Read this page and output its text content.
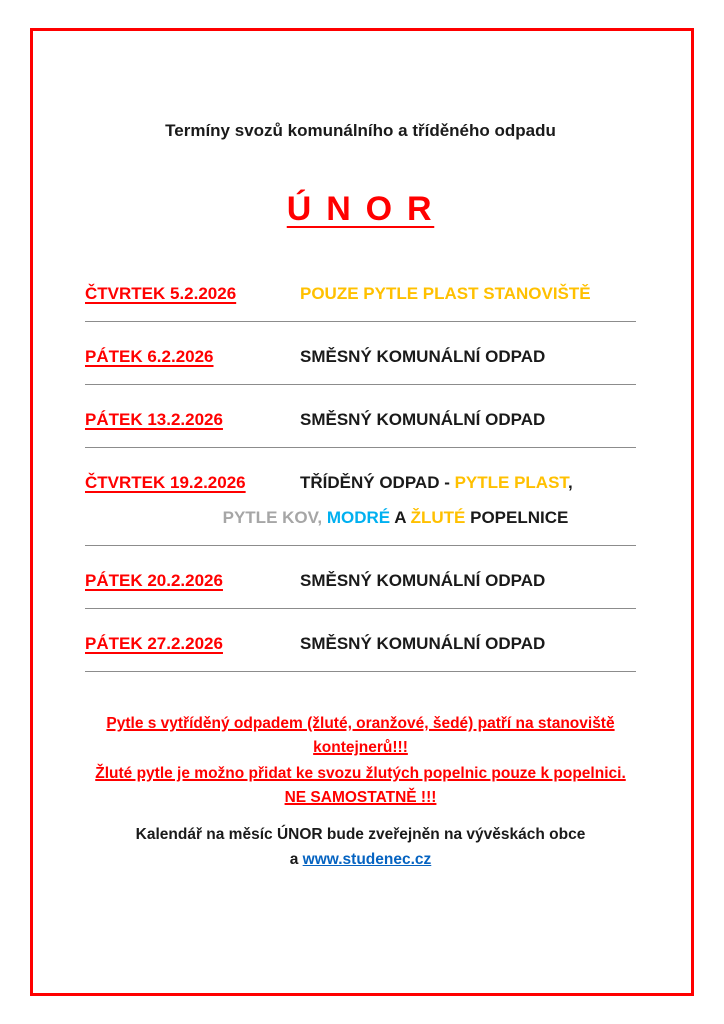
Termíny svozů komunálního a tříděného odpadu
Ú N O R
ČTVRTEK 5.2.2026	POUZE PYTLE PLAST STANOVIŠTĚ
PÁTEK 6.2.2026	SMĚSNÝ KOMUNÁLNÍ ODPAD
PÁTEK 13.2.2026	SMĚSNÝ KOMUNÁLNÍ ODPAD
ČTVRTEK 19.2.2026	TŘÍDĚNÝ ODPAD - PYTLE PLAST,
PYTLE KOV, MODRÉ A ŽLUTÉ POPELNICE
PÁTEK 20.2.2026	SMĚSNÝ KOMUNÁLNÍ ODPAD
PÁTEK 27.2.2026	SMĚSNÝ KOMUNÁLNÍ ODPAD
Pytle s vytříděný odpadem (žluté, oranžové, šedé) patří na stanoviště kontejnerů!!!
Žluté pytle je možno přidat ke svozu žlutých popelnic pouze k popelnici. NE SAMOSTATNĚ !!!
Kalendář na měsíc ÚNOR bude zveřejněn na vývěskách obce
a www.studenec.cz
